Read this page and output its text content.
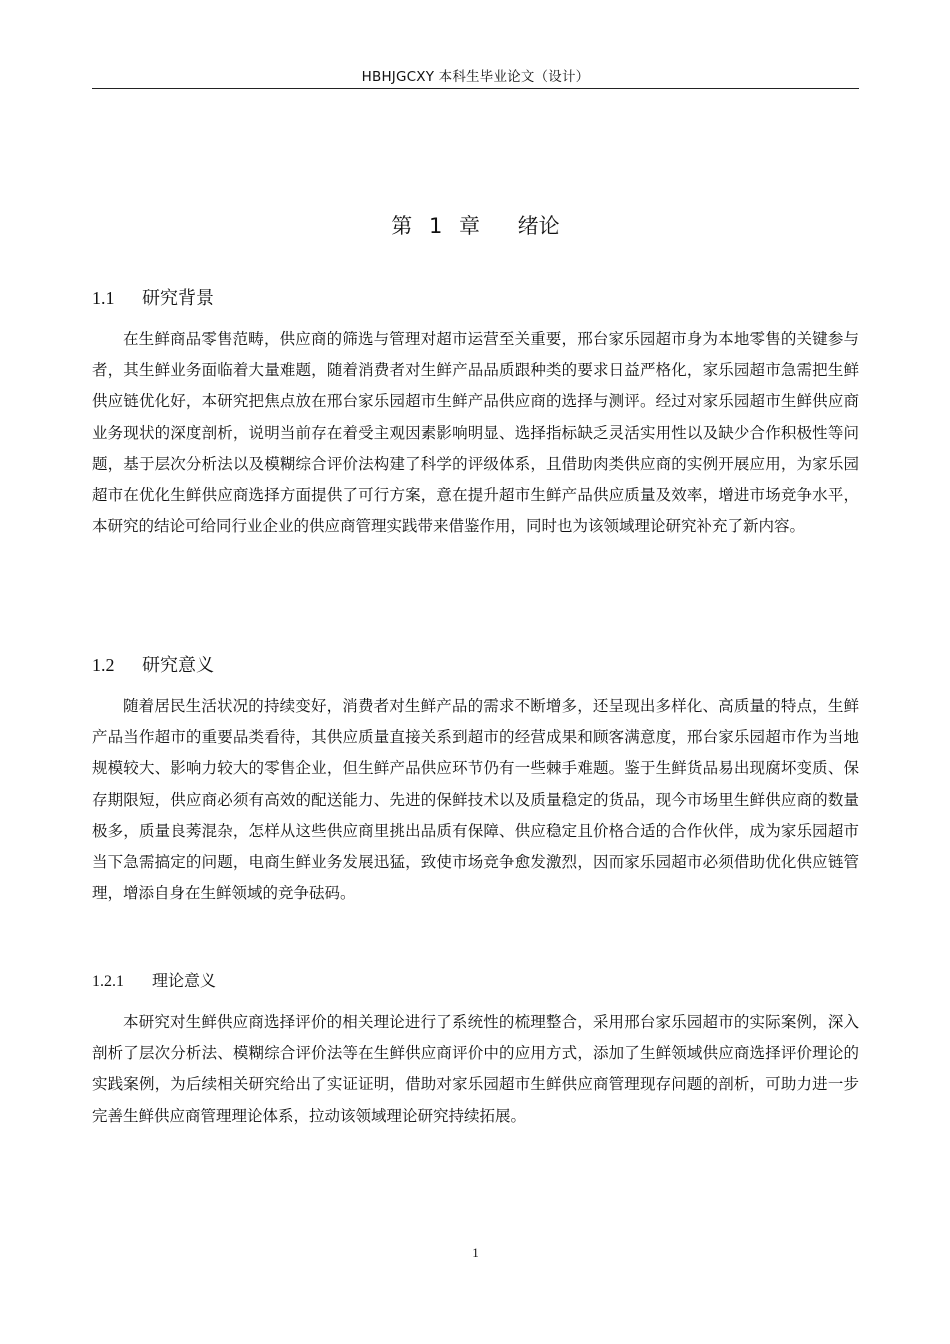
HBHJGCXY 本科生毕业论文（设计）
第 1 章　 绪论
1.1 研究背景

在生鲜商品零售范畴，供应商的筛选与管理对超市运营至关重要，邢台家乐园超市身为本地零售的关键参与者，其生鲜业务面临着大量难题，随着消费者对生鲜产品品质跟种类的要求日益严格化，家乐园超市急需把生鲜供应链优化好，本研究把焦点放在邢台家乐园超市生鲜产品供应商的选择与测评。经过对家乐园超市生鲜供应商业务现状的深度剖析，说明当前存在着受主观因素影响明显、选择指标缺乏灵活实用性以及缺少合作积极性等问题，基于层次分析法以及模糊综合评价法构建了科学的评级体系，且借助肉类供应商的实例开展应用，为家乐园超市在优化生鲜供应商选择方面提供了可行方案，意在提升超市生鲜产品供应质量及效率，增进市场竞争水平，本研究的结论可给同行业企业的供应商管理实践带来借鉴作用，同时也为该领域理论研究补充了新内容。

1.2 研究意义

随着居民生活状况的持续变好，消费者对生鲜产品的需求不断增多，还呈现出多样化、高质量的特点，生鲜产品当作超市的重要品类看待，其供应质量直接关系到超市的经营成果和顾客满意度，邢台家乐园超市作为当地规模较大、影响力较大的零售企业，但生鲜产品供应环节仍有一些棘手难题。鉴于生鲜货品易出现腐坏变质、保存期限短，供应商必须有高效的配送能力、先进的保鲜技术以及质量稳定的货品，现今市场里生鲜供应商的数量极多，质量良莠混杂，怎样从这些供应商里挑出品质有保障、供应稳定且价格合适的合作伙伴，成为家乐园超市当下急需搞定的问题，电商生鲜业务发展迅猛，致使市场竞争愈发激烈，因而家乐园超市必须借助优化供应链管理，增添自身在生鲜领域的竞争砝码。

1.2.1 理论意义

本研究对生鲜供应商选择评价的相关理论进行了系统性的梳理整合，采用邢台家乐园超市的实际案例，深入剖析了层次分析法、模糊综合评价法等在生鲜供应商评价中的应用方式，添加了生鲜领域供应商选择评价理论的实践案例，为后续相关研究给出了实证证明，借助对家乐园超市生鲜供应商管理现存问题的剖析，可助力进一步完善生鲜供应商管理理论体系，拉动该领域理论研究持续拓展。

1
